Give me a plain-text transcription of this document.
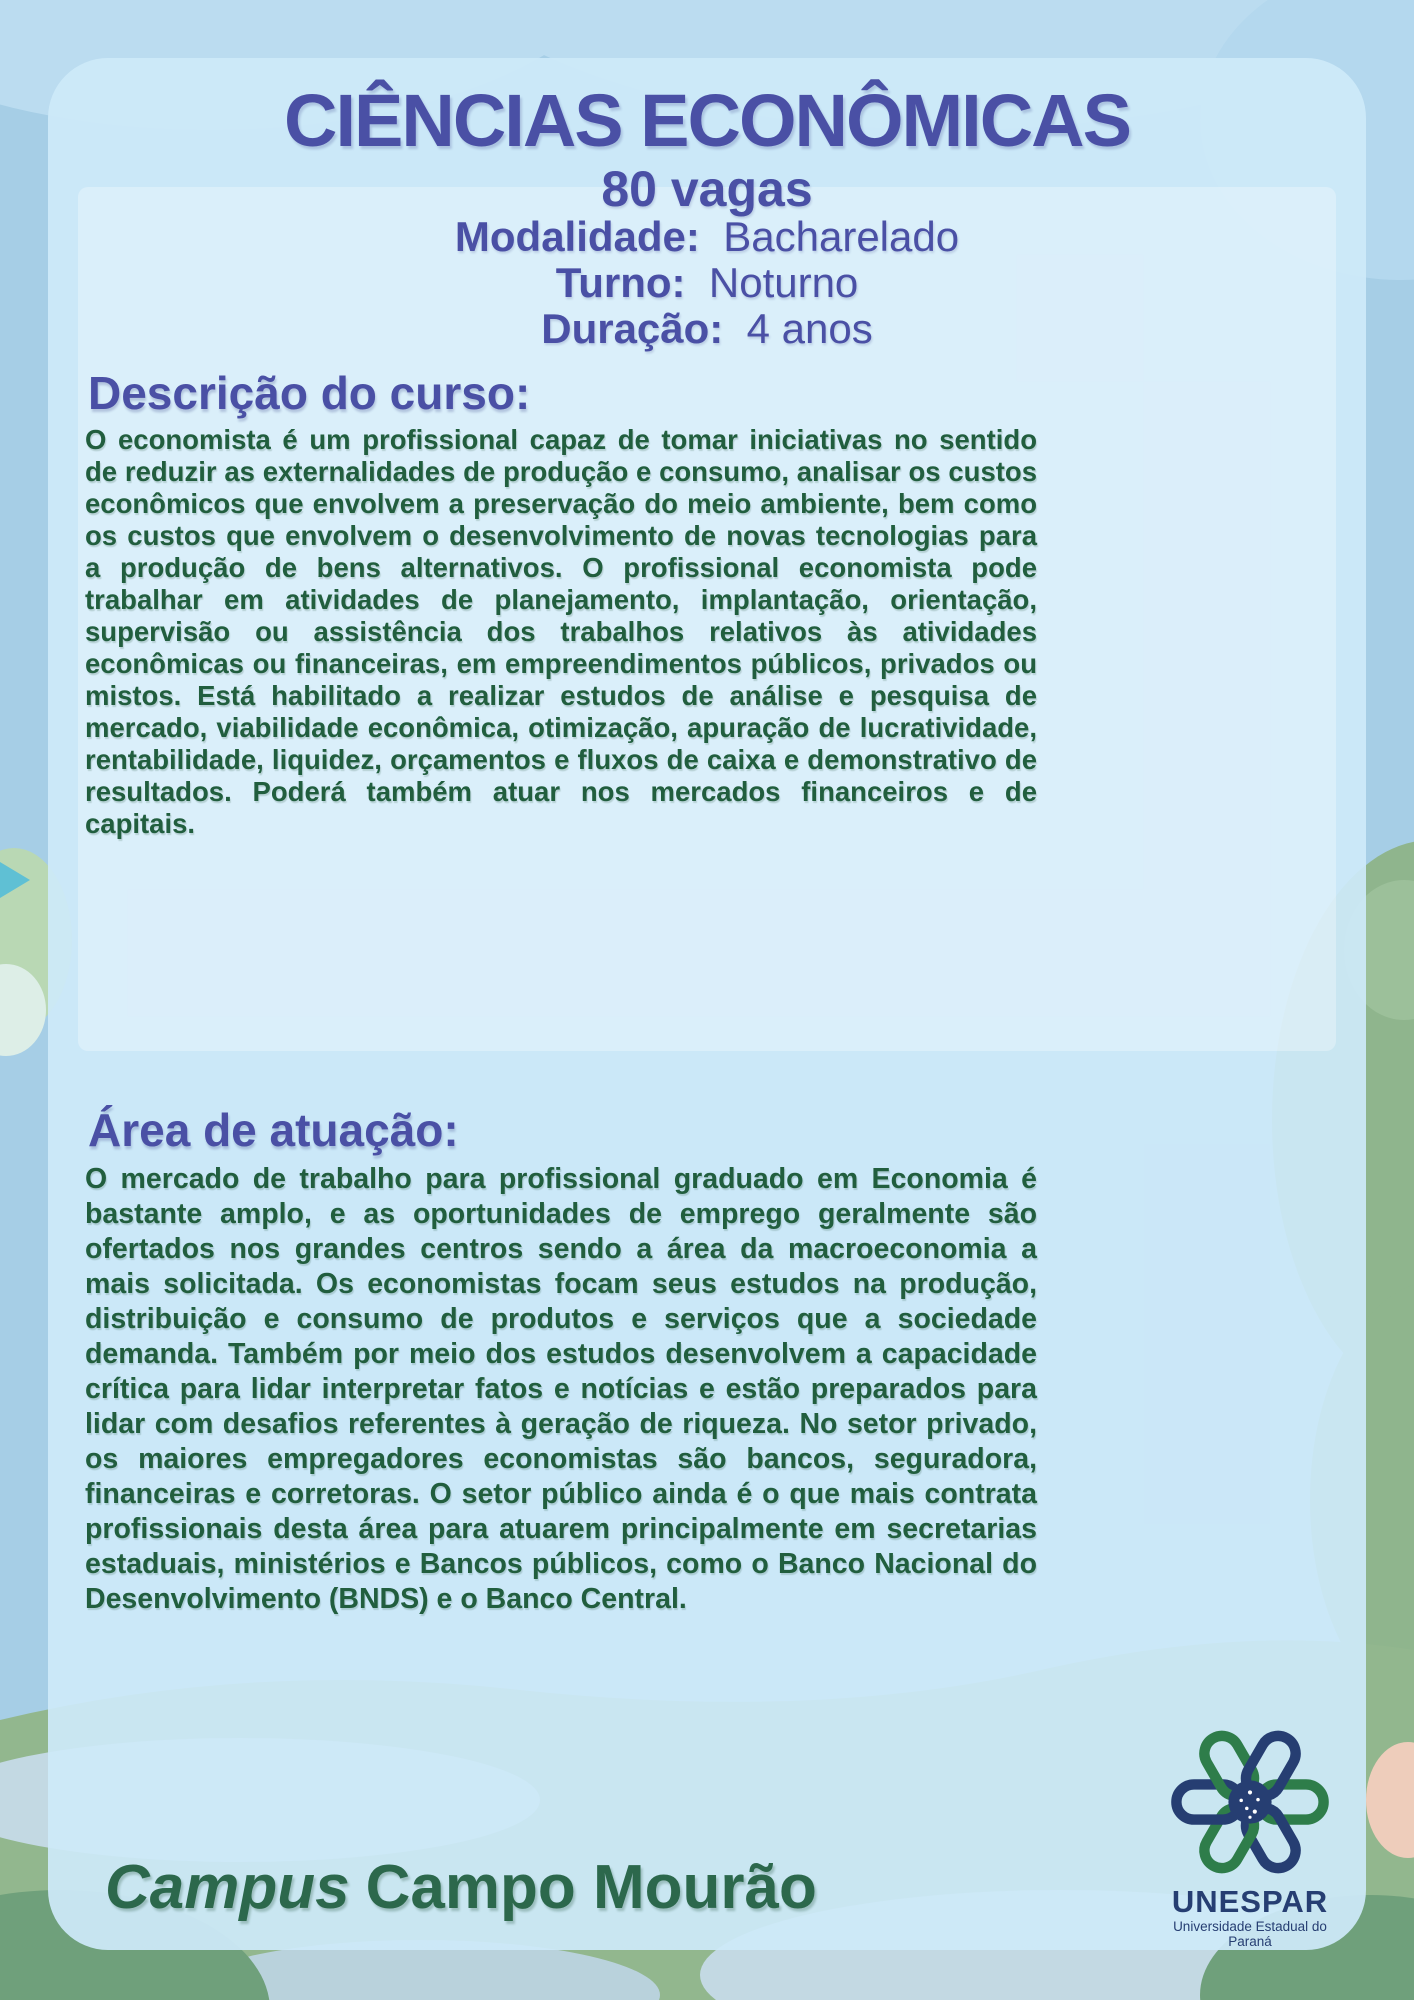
CIÊNCIAS ECONÔMICAS
80 vagas
Modalidade: Bacharelado
Turno: Noturno
Duração: 4 anos
Descrição do curso:
O economista é um profissional capaz de tomar iniciativas no sentido de reduzir as externalidades de produção e consumo, analisar os custos econômicos que envolvem a preservação do meio ambiente, bem como os custos que envolvem o desenvolvimento de novas tecnologias para a produção de bens alternativos. O profissional economista pode trabalhar em atividades de planejamento, implantação, orientação, supervisão ou assistência dos trabalhos relativos às atividades econômicas ou financeiras, em empreendimentos públicos, privados ou mistos. Está habilitado a realizar estudos de análise e pesquisa de mercado, viabilidade econômica, otimização, apuração de lucratividade, rentabilidade, liquidez, orçamentos e fluxos de caixa e demonstrativo de resultados. Poderá também atuar nos mercados financeiros e de capitais.
Área de atuação:
O mercado de trabalho para profissional graduado em Economia é bastante amplo, e as oportunidades de emprego geralmente são ofertados nos grandes centros sendo a área da macroeconomia a mais solicitada. Os economistas focam seus estudos na produção, distribuição e consumo de produtos e serviços que a sociedade demanda. Também por meio dos estudos desenvolvem a capacidade crítica para lidar interpretar fatos e notícias e estão preparados para lidar com desafios referentes à geração de riqueza. No setor privado, os maiores empregadores economistas são bancos, seguradora, financeiras e corretoras. O setor público ainda é o que mais contrata profissionais desta área para atuarem principalmente em secretarias estaduais, ministérios e Bancos públicos, como o Banco Nacional do Desenvolvimento (BNDS) e o Banco Central.
Campus Campo Mourão	UNESPAR
Universidade Estadual do Paraná
